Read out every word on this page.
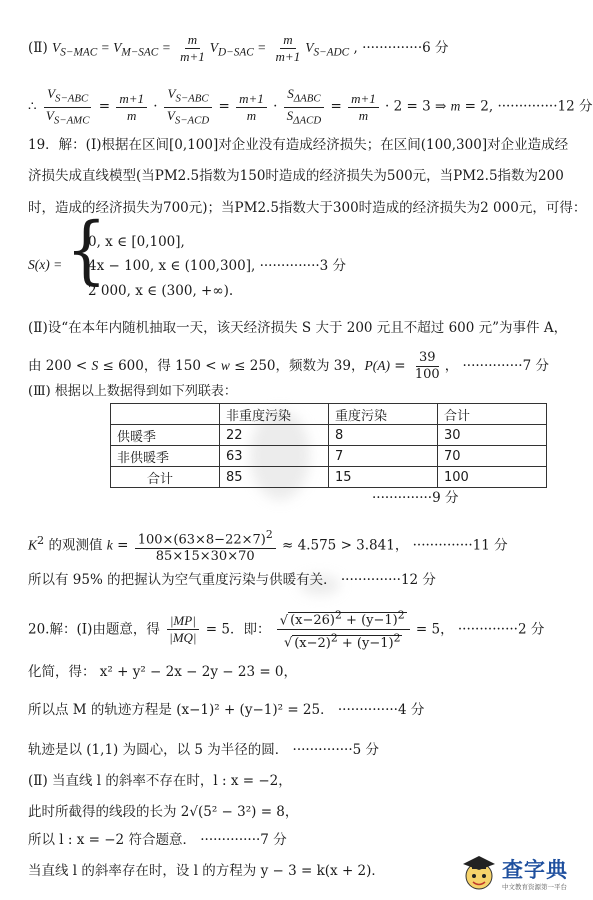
(Ⅱ) $V_{S-MAC} = V_{M-SAC} = \frac{m}{m+1} V_{D-SAC} = \frac{m}{m+1} V_{S-ADC}$ , ··············6 分
∴ $\frac{V_{S-ABC}}{V_{S-AMC}} = \frac{m+1}{m} \cdot \frac{V_{S-ABC}}{V_{S-ACD}} = \frac{m+1}{m} \cdot \frac{S_{\Delta ABC}}{S_{\Delta ACD}} = \frac{m+1}{m} \cdot 2 = 3$ ⇒ m = 2, ··············12 分
19．解：(Ⅰ)根据在区间[0,100]对企业没有造成经济损失；在区间(100,300]对企业造成经
济损失成直线模型(当PM2.5指数为150时造成的经济损失为500元，当PM2.5指数为200
时，造成的经济损失为700元)；当PM2.5指数大于300时造成的经济损失为2 000元，可得：
S(x) = {
0, x ∈ [0,100],
4x − 100, x ∈ (100,300], ··············3 分
2 000, x ∈ (300, +∞).
(Ⅱ)设“在本年内随机抽取一天，该天经济损失 S 大于 200 元且不超过 600 元”为事件 A，
由 200 < S ≤ 600，得 150 < w ≤ 250，频数为 39，$P(A) = \frac{39}{100}$ ， ··············7 分
(Ⅲ) 根据以上数据得到如下列联表：
	非重度污染	重度污染	合计
供暖季	22	8	30
非供暖季	63	7	70
合计	85	15	100
··············9 分
$K^2$ 的观测值 $k = \frac{100\times(63\times 8-22\times 7)^2}{85\times 15\times 30\times 70} \approx 4.575 > 3.841$， ··············11 分
所以有 95% 的把握认为空气重度污染与供暖有关． ··············12 分
20.解：(Ⅰ)由题意，得 $\frac{|MP|}{|MQ|} = 5$．即： $\frac{√ (x-26)^2 + (y-1)^2}{√ (x-2)^2 + (y-1)^2} = 5$， ··············2 分
化简，得： x² + y² − 2x − 2y − 23 = 0，
所以点 M 的轨迹方程是 (x−1)² + (y−1)² = 25． ··············4 分
轨迹是以 (1,1) 为圆心，以 5 为半径的圆． ··············5 分
(Ⅱ) 当直线 l 的斜率不存在时，l : x = −2，
此时所截得的线段的长为 2√(5² − 3²) = 8，
所以 l : x = −2 符合题意． ··············7 分
当直线 l 的斜率存在时，设 l 的方程为 y − 3 = k(x + 2)．	查字典
中文教育资源第一平台
